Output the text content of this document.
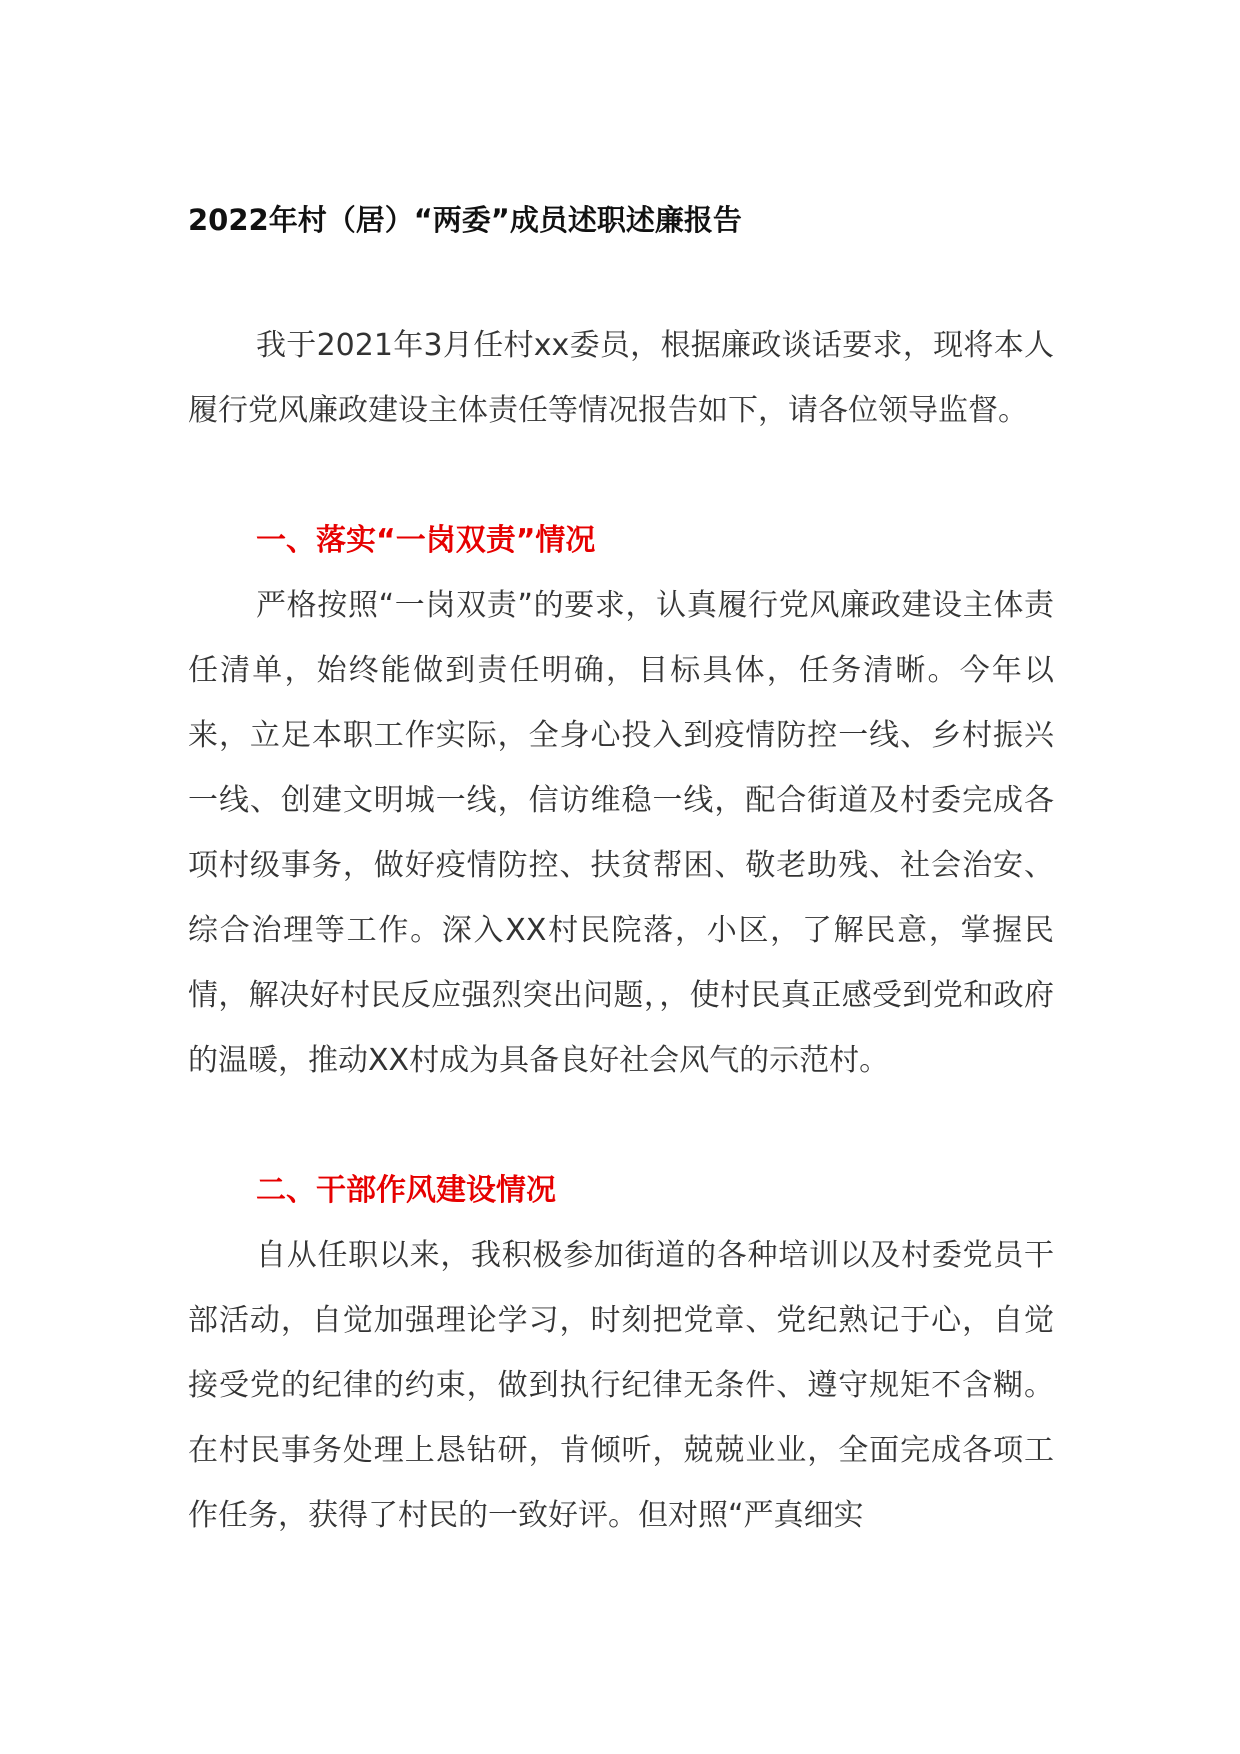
2022年村（居）“两委”成员述职述廉报告

我于2021年3月任村xx委员，根据廉政谈话要求，现将本人履行党风廉政建设主体责任等情况报告如下，请各位领导监督。

一、落实“一岗双责”情况

严格按照“一岗双责”的要求，认真履行党风廉政建设主体责任清单，始终能做到责任明确，目标具体，任务清晰。今年以来，立足本职工作实际，全身心投入到疫情防控一线、乡村振兴一线、创建文明城一线，信访维稳一线，配合街道及村委完成各项村级事务，做好疫情防控、扶贫帮困、敬老助残、社会治安、综合治理等工作。深入XX村民院落，小区，了解民意，掌握民情，解决好村民反应强烈突出问题，，使村民真正感受到党和政府的温暖，推动XX村成为具备良好社会风气的示范村。

二、干部作风建设情况

自从任职以来，我积极参加街道的各种培训以及村委党员干部活动，自觉加强理论学习，时刻把党章、党纪熟记于心，自觉接受党的纪律的约束，做到执行纪律无条件、遵守规矩不含糊。在村民事务处理上恳钻研，肯倾听，兢兢业业，全面完成各项工作任务，获得了村民的一致好评。但对照“严真细实
